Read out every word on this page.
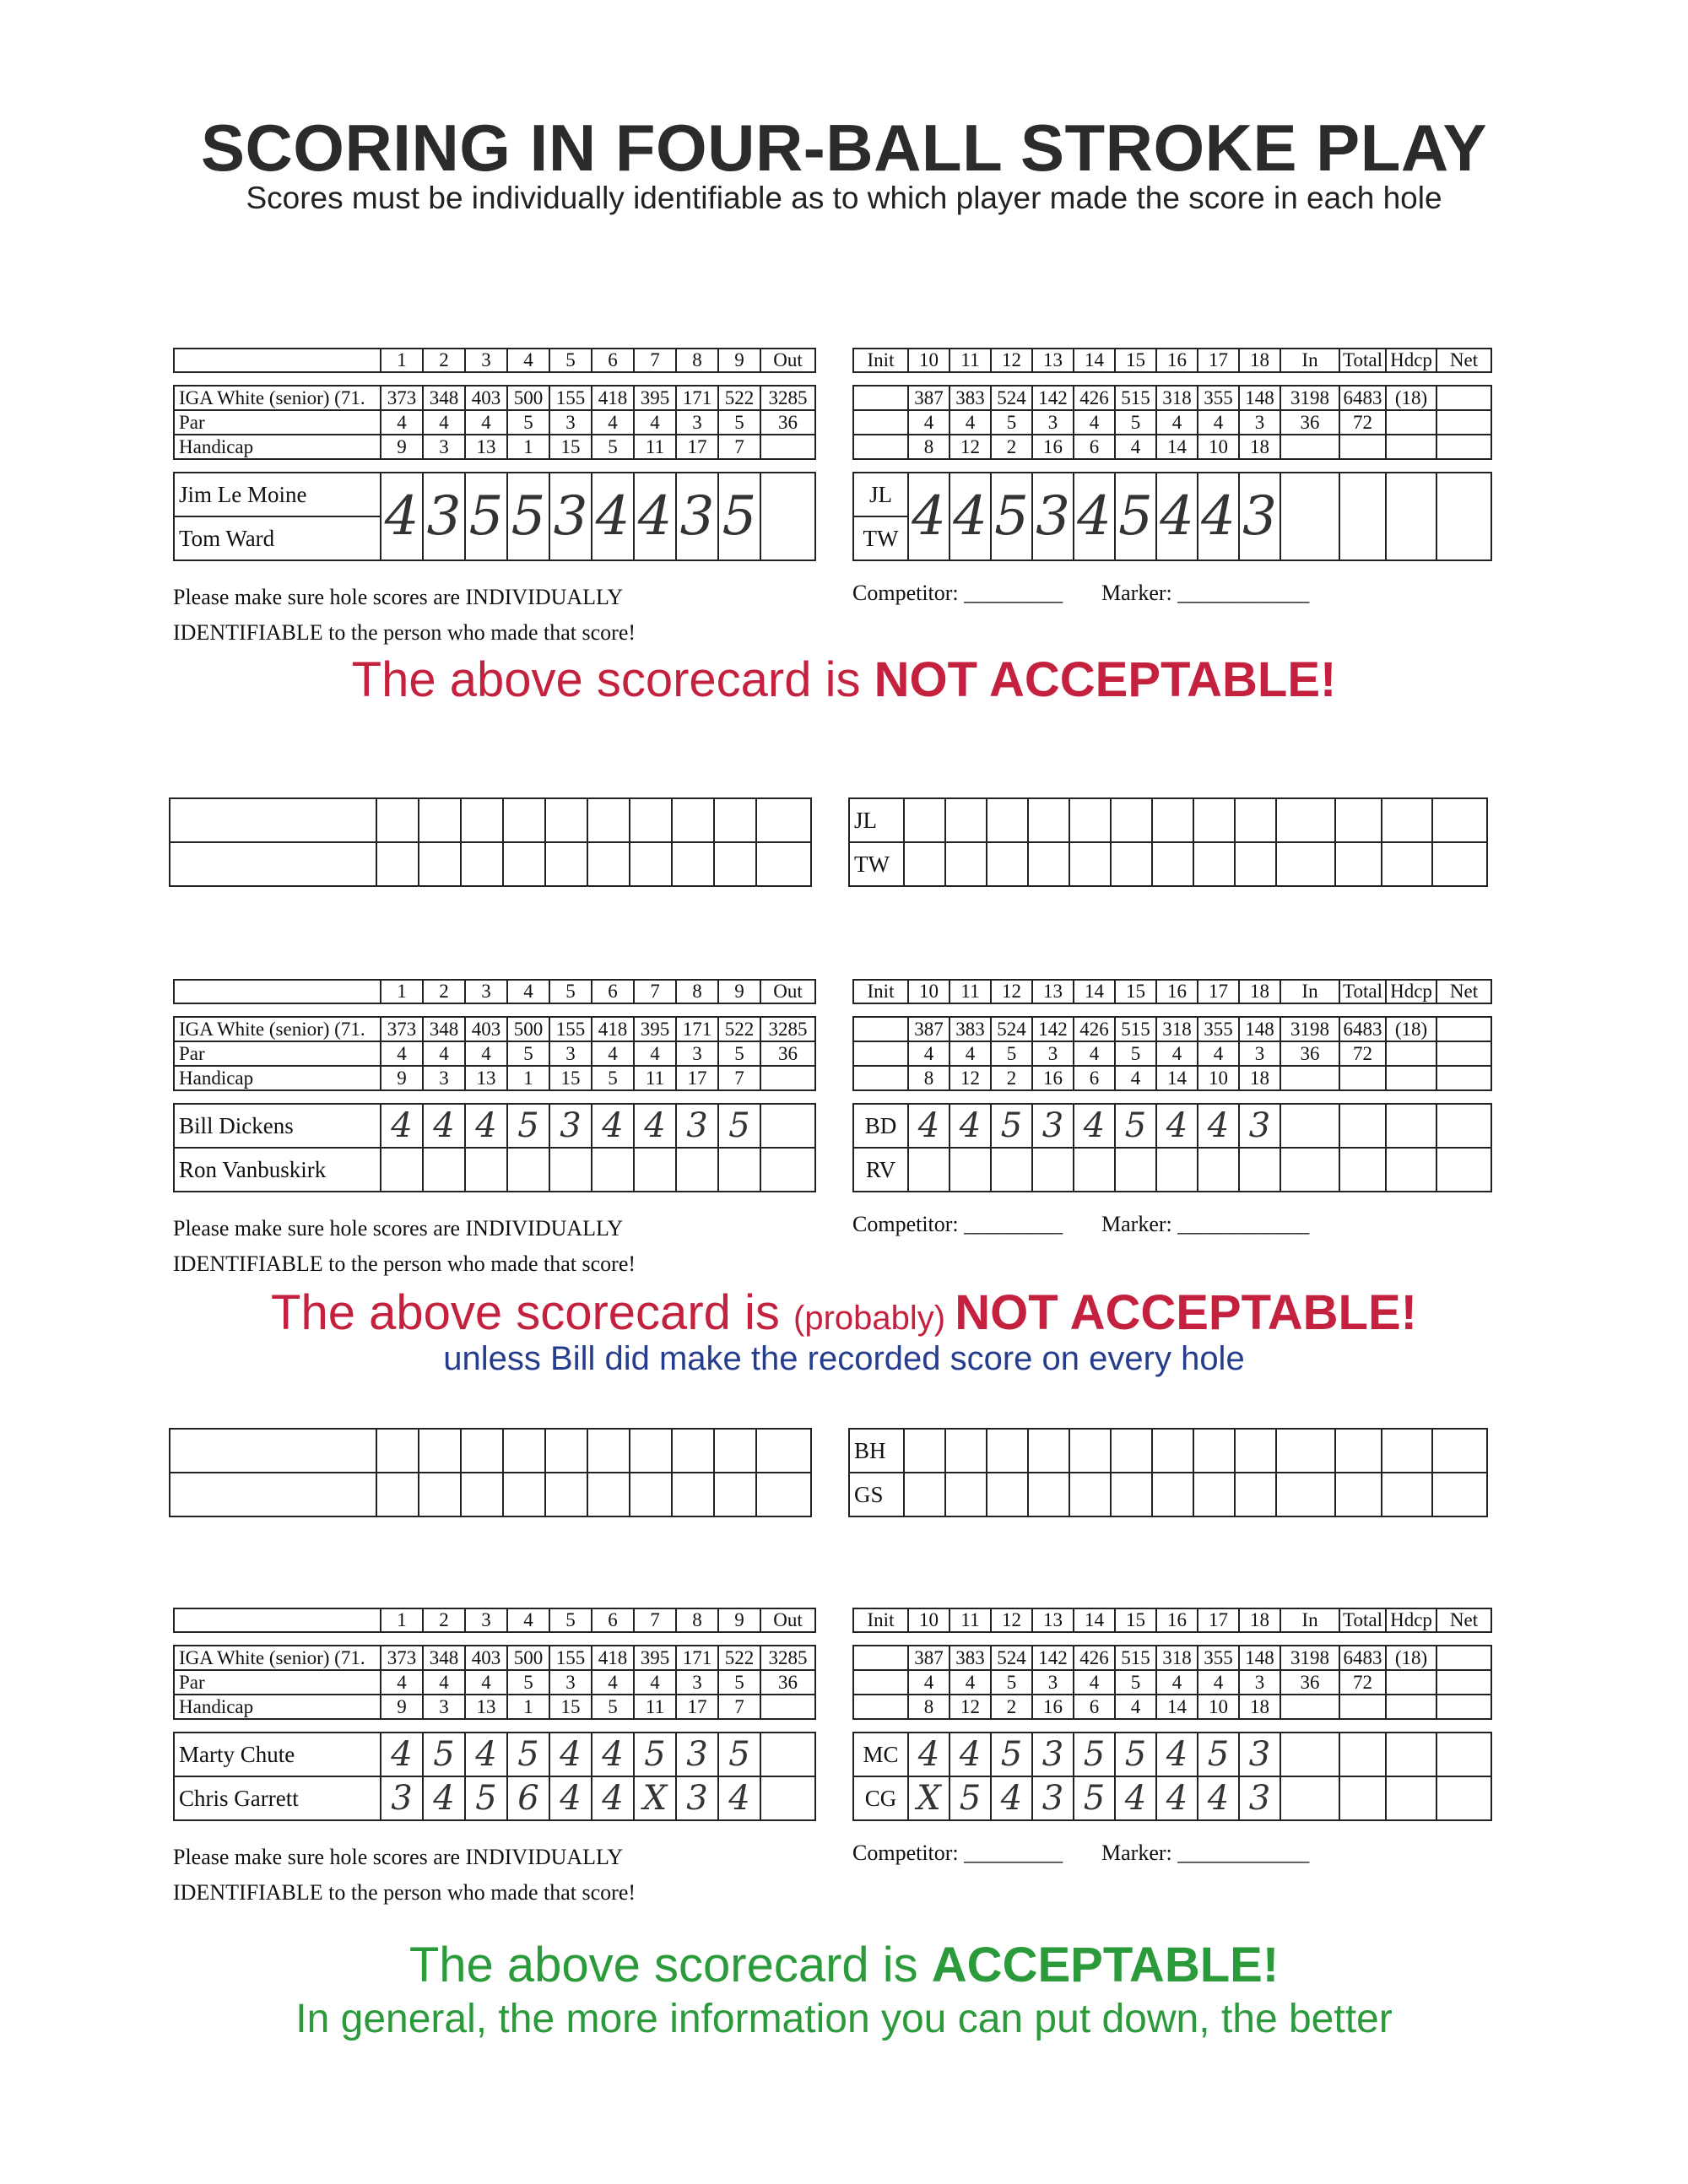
SCORING IN FOUR-BALL STROKE PLAY
Scores must be individually identifiable as to which player made the score in each hole
	1	2	3	4	5	6	7	8	9	Out

IGA White (senior) (71.	373	348	403	500	155	418	395	171	522	3285
Par	4	4	4	5	3	4	4	3	5	36
Handicap	9	3	13	1	15	5	11	17	7	

Jim Le Moine	4	3	5	5	3	4	4	3	5	
Tom Ward										
Init	10	11	12	13	14	15	16	17	18	In	Total	Hdcp	Net

	387	383	524	142	426	515	318	355	148	3198	6483	(18)	
	4	4	5	3	4	5	4	4	3	36	72		
	8	12	2	16	6	4	14	10	18				

JL	4	4	5	3	4	5	4	4	3				
TW													
Please make sure hole scores are INDIVIDUALLY
IDENTIFIABLE to the person who made that score!
Competitor: _________ Marker: ____________

JL													
TW													
	1	2	3	4	5	6	7	8	9	Out

IGA White (senior) (71.	373	348	403	500	155	418	395	171	522	3285
Par	4	4	4	5	3	4	4	3	5	36
Handicap	9	3	13	1	15	5	11	17	7	

Bill Dickens	4	4	4	5	3	4	4	3	5	
Ron Vanbuskirk										
Init	10	11	12	13	14	15	16	17	18	In	Total	Hdcp	Net

	387	383	524	142	426	515	318	355	148	3198	6483	(18)	
	4	4	5	3	4	5	4	4	3	36	72		
	8	12	2	16	6	4	14	10	18				

BD	4	4	5	3	4	5	4	4	3				
RV													
Please make sure hole scores are INDIVIDUALLY
IDENTIFIABLE to the person who made that score!
Competitor: _________ Marker: ____________

BH													
GS													
	1	2	3	4	5	6	7	8	9	Out

IGA White (senior) (71.	373	348	403	500	155	418	395	171	522	3285
Par	4	4	4	5	3	4	4	3	5	36
Handicap	9	3	13	1	15	5	11	17	7	

Marty Chute	4	5	4	5	4	4	5	3	5	
Chris Garrett	3	4	5	6	4	4	X	3	4	
Init	10	11	12	13	14	15	16	17	18	In	Total	Hdcp	Net

	387	383	524	142	426	515	318	355	148	3198	6483	(18)	
	4	4	5	3	4	5	4	4	3	36	72		
	8	12	2	16	6	4	14	10	18				

MC	4	4	5	3	5	5	4	5	3				
CG	X	5	4	3	5	4	4	4	3				
Please make sure hole scores are INDIVIDUALLY
IDENTIFIABLE to the person who made that score!
Competitor: _________ Marker: ____________
The above scorecard is NOT ACCEPTABLE!
The above scorecard is (probably) NOT ACCEPTABLE!
unless Bill did make the recorded score on every hole
The above scorecard is ACCEPTABLE!
In general, the more information you can put down, the better
